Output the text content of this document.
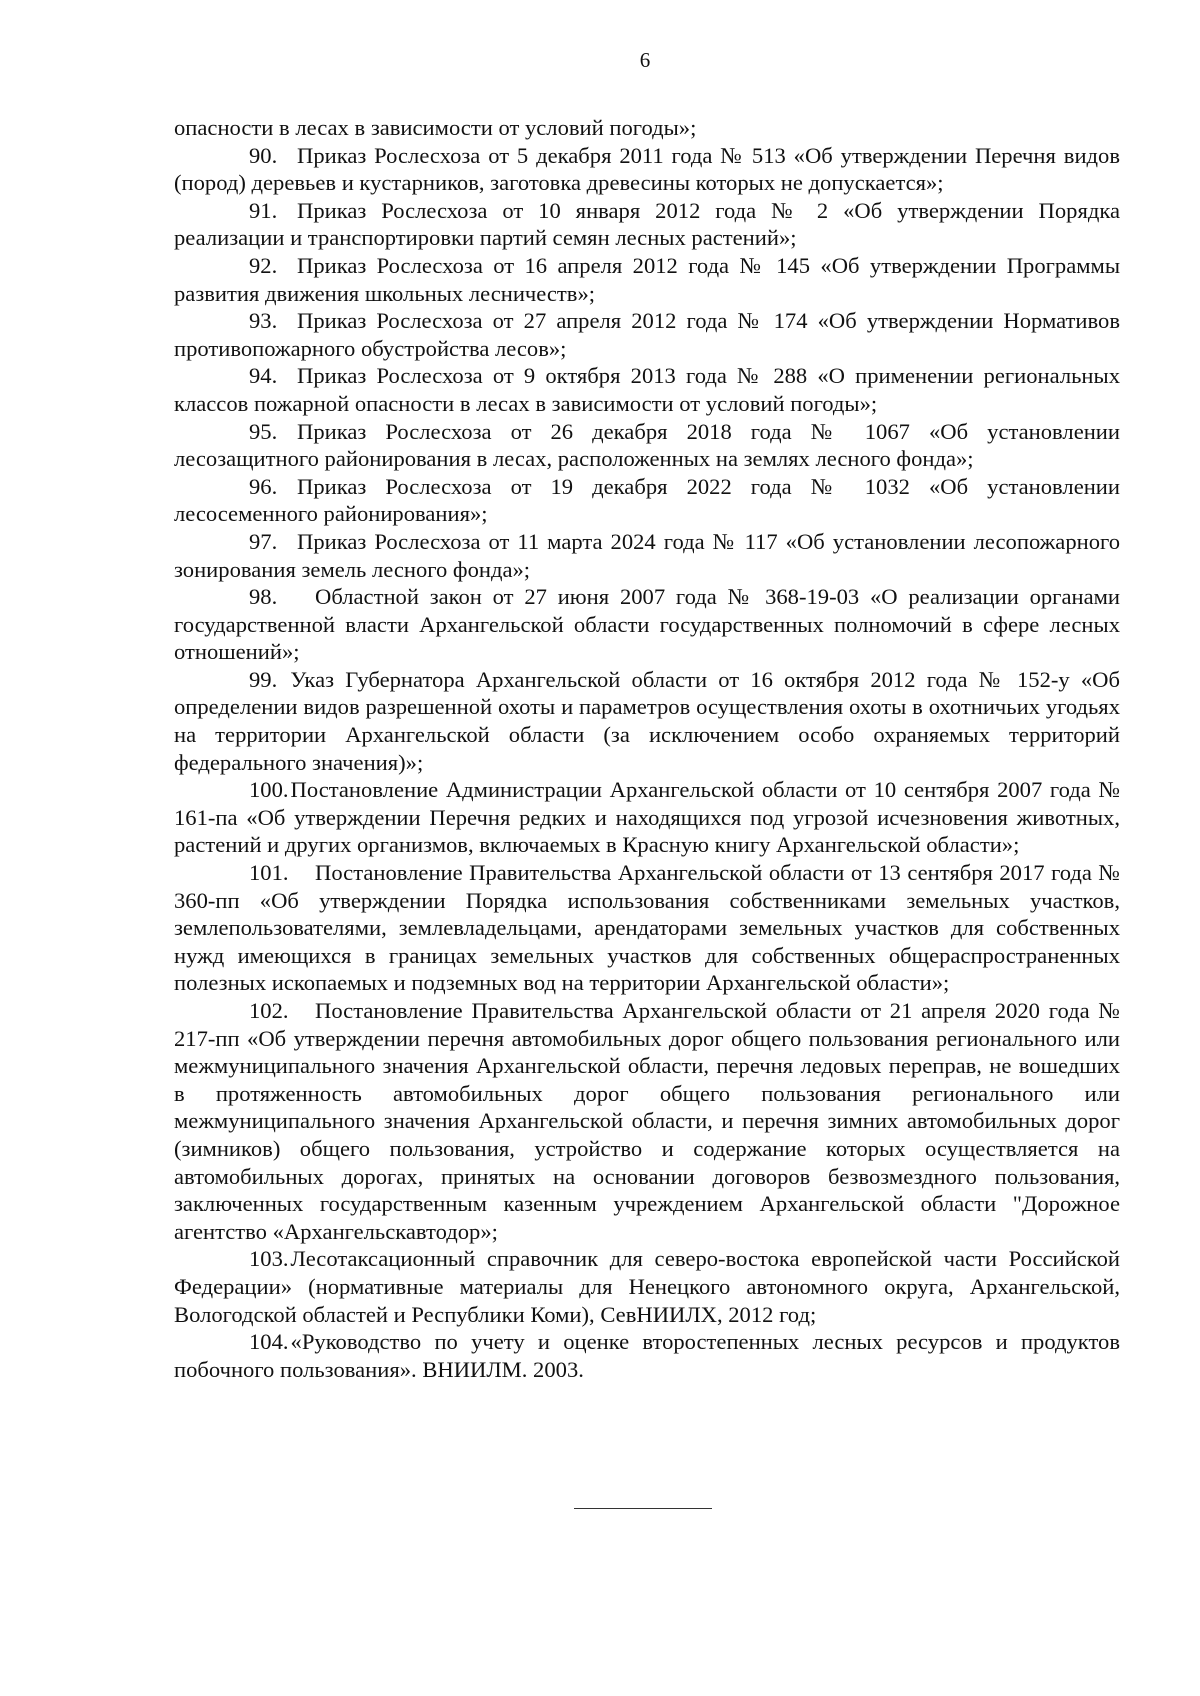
6

опасности в лесах в зависимости от условий погоды»;

90. Приказ Рослесхоза от 5 декабря 2011 года № 513 «Об утверждении Перечня видов (пород) деревьев и кустарников, заготовка древесины которых не допускается»;

91. Приказ Рослесхоза от 10 января 2012 года № 2 «Об утверждении Порядка реализации и транспортировки партий семян лесных растений»;

92. Приказ Рослесхоза от 16 апреля 2012 года № 145 «Об утверждении Программы развития движения школьных лесничеств»;

93. Приказ Рослесхоза от 27 апреля 2012 года № 174 «Об утверждении Нормативов противопожарного обустройства лесов»;

94. Приказ Рослесхоза от 9 октября 2013 года № 288 «О применении региональных классов пожарной опасности в лесах в зависимости от условий погоды»;

95. Приказ Рослесхоза от 26 декабря 2018 года № 1067 «Об установлении лесозащитного районирования в лесах, расположенных на землях лесного фонда»;

96. Приказ Рослесхоза от 19 декабря 2022 года № 1032 «Об установлении лесосеменного районирования»;

97. Приказ Рослесхоза от 11 марта 2024 года № 117 «Об установлении лесопожарного зонирования земель лесного фонда»;

98. Областной закон от 27 июня 2007 года № 368-19-03 «О реализации органами государственной власти Архангельской области государственных полномочий в сфере лесных отношений»;

99. Указ Губернатора Архангельской области от 16 октября 2012 года № 152-у «Об определении видов разрешенной охоты и параметров осуществления охоты в охотничьих угодьях на территории Архангельской области (за исключением особо охраняемых территорий федерального значения)»;

100.Постановление Администрации Архангельской области от 10 сентября 2007 года № 161-па «Об утверждении Перечня редких и находящихся под угрозой исчезновения животных, растений и других организмов, включаемых в Красную книгу Архангельской области»;

101. Постановление Правительства Архангельской области от 13 сентября 2017 года № 360-пп «Об утверждении Порядка использования собственниками земельных участков, землепользователями, землевладельцами, арендаторами земельных участков для собственных нужд имеющихся в границах земельных участков для собственных общераспространенных полезных ископаемых и подземных вод на территории Архангельской области»;

102. Постановление Правительства Архангельской области от 21 апреля 2020 года № 217-пп «Об утверждении перечня автомобильных дорог общего пользования регионального или межмуниципального значения Архангельской области, перечня ледовых переправ, не вошедших в протяженность автомобильных дорог общего пользования регионального или межмуниципального значения Архангельской области, и перечня зимних автомобильных дорог (зимников) общего пользования, устройство и содержание которых осуществляется на автомобильных дорогах, принятых на основании договоров безвозмездного пользования, заключенных государственным казенным учреждением Архангельской области "Дорожное агентство «Архангельскавтодор»;

103.Лесотаксационный справочник для северо-востока европейской части Российской Федерации» (нормативные материалы для Ненецкого автономного округа, Архангельской, Вологодской областей и Республики Коми), СевНИИЛХ, 2012 год;

104.«Руководство по учету и оценке второстепенных лесных ресурсов и продуктов побочного пользования». ВНИИЛМ. 2003.
